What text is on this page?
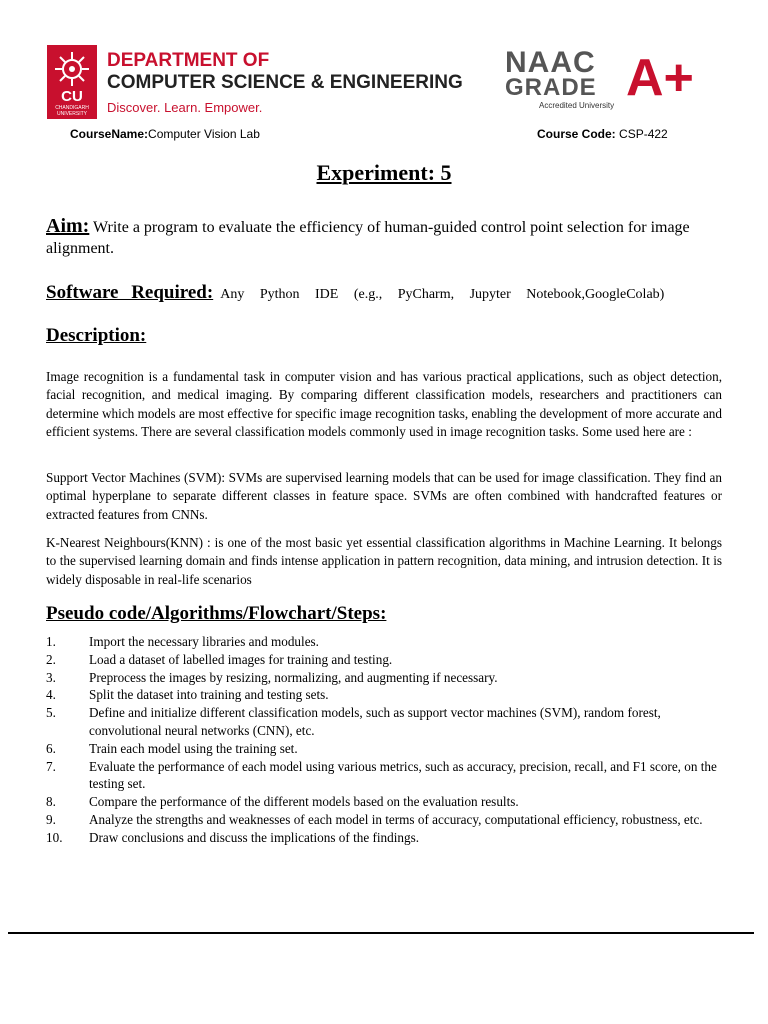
CU
CHANDIGARH UNIVERSITY
DEPARTMENT OF
COMPUTER SCIENCE & ENGINEERING
Discover. Learn. Empower.
NAAC
GRADE A+
Accredited University
CourseName:Computer Vision Lab	Course Code: CSP-422
Experiment: 5
Aim: Write a program to evaluate the efficiency of human-guided control point selection for image alignment.
Software Required: Any Python IDE (e.g., PyCharm, Jupyter Notebook,GoogleColab)
Description:

Image recognition is a fundamental task in computer vision and has various practical applications, such as object detection, facial recognition, and medical imaging. By comparing different classification models, researchers and practitioners can determine which models are most effective for specific image recognition tasks, enabling the development of more accurate and efficient systems. There are several classification models commonly used in image recognition tasks. Some used here are :

Support Vector Machines (SVM): SVMs are supervised learning models that can be used for image classification. They find an optimal hyperplane to separate different classes in feature space. SVMs are often combined with handcrafted features or extracted features from CNNs.

K-Nearest Neighbours(KNN) : is one of the most basic yet essential classification algorithms in Machine Learning. It belongs to the supervised learning domain and finds intense application in pattern recognition, data mining, and intrusion detection. It is widely disposable in real-life scenarios

Pseudo code/Algorithms/Flowchart/Steps:
1.	Import the necessary libraries and modules.
2.	Load a dataset of labelled images for training and testing.
3.	Preprocess the images by resizing, normalizing, and augmenting if necessary.
4.	Split the dataset into training and testing sets.
5.	Define and initialize different classification models, such as support vector machines (SVM), random forest, convolutional neural networks (CNN), etc.
6.	Train each model using the training set.
7.	Evaluate the performance of each model using various metrics, such as accuracy, precision, recall, and F1 score, on the testing set.
8.	Compare the performance of the different models based on the evaluation results.
9.	Analyze the strengths and weaknesses of each model in terms of accuracy, computational efficiency, robustness, etc.
10. Draw conclusions and discuss the implications of the findings.
